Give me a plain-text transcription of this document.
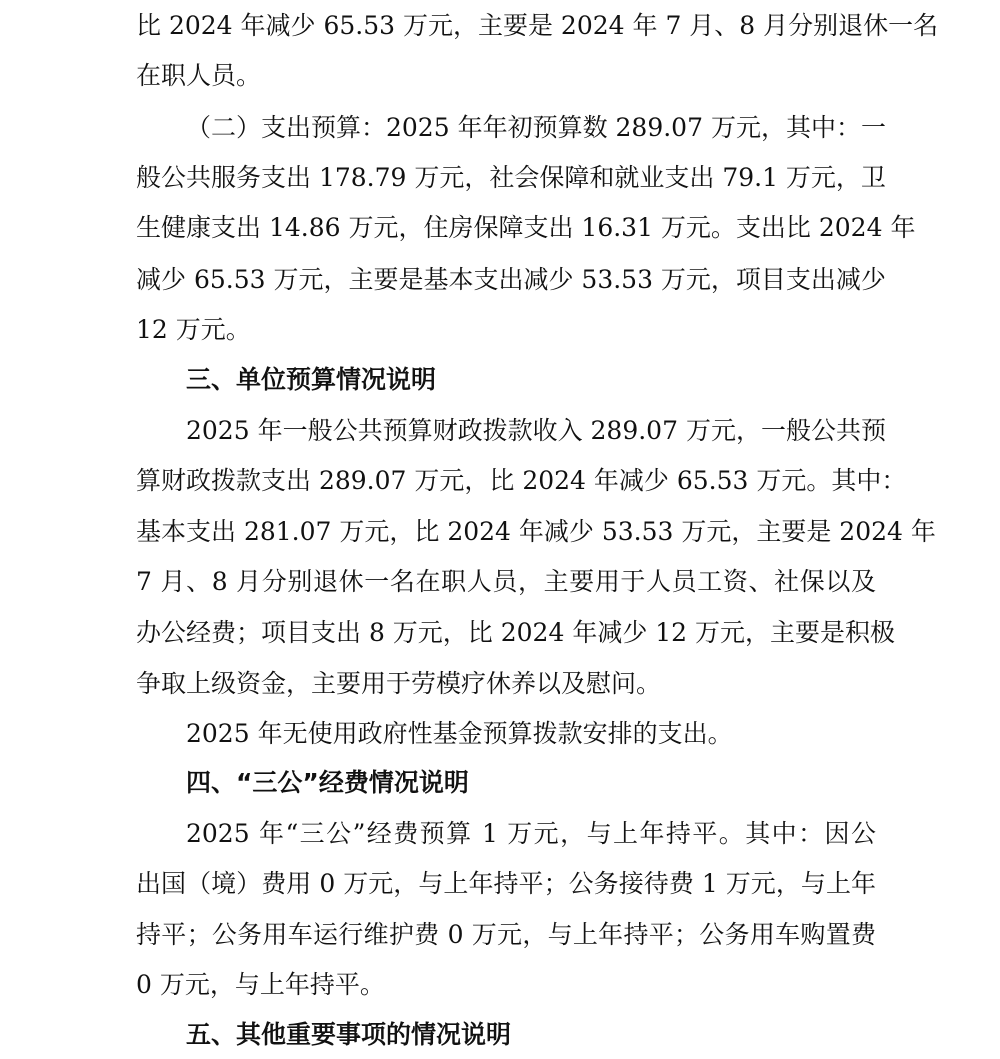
比 2024 年减少 65.53 万元，主要是 2024 年 7 月、8 月分别退休一名
在职人员。
（二）支出预算：2025 年年初预算数 289.07 万元，其中：一
般公共服务支出 178.79 万元，社会保障和就业支出 79.1 万元，卫
生健康支出 14.86 万元，住房保障支出 16.31 万元。支出比 2024 年
减少 65.53 万元，主要是基本支出减少 53.53 万元，项目支出减少
12 万元。
三、单位预算情况说明
2025 年一般公共预算财政拨款收入 289.07 万元，一般公共预
算财政拨款支出 289.07 万元，比 2024 年减少 65.53 万元。其中：
基本支出 281.07 万元，比 2024 年减少 53.53 万元，主要是 2024 年
7 月、8 月分别退休一名在职人员，主要用于人员工资、社保以及
办公经费；项目支出 8 万元，比 2024 年减少 12 万元，主要是积极
争取上级资金，主要用于劳模疗休养以及慰问。
2025 年无使用政府性基金预算拨款安排的支出。
四、“三公”经费情况说明
2025 年“三公”经费预算 1 万元，与上年持平。其中：因公
出国（境）费用 0 万元，与上年持平；公务接待费 1 万元，与上年
持平；公务用车运行维护费 0 万元，与上年持平；公务用车购置费
0 万元，与上年持平。
五、其他重要事项的情况说明
